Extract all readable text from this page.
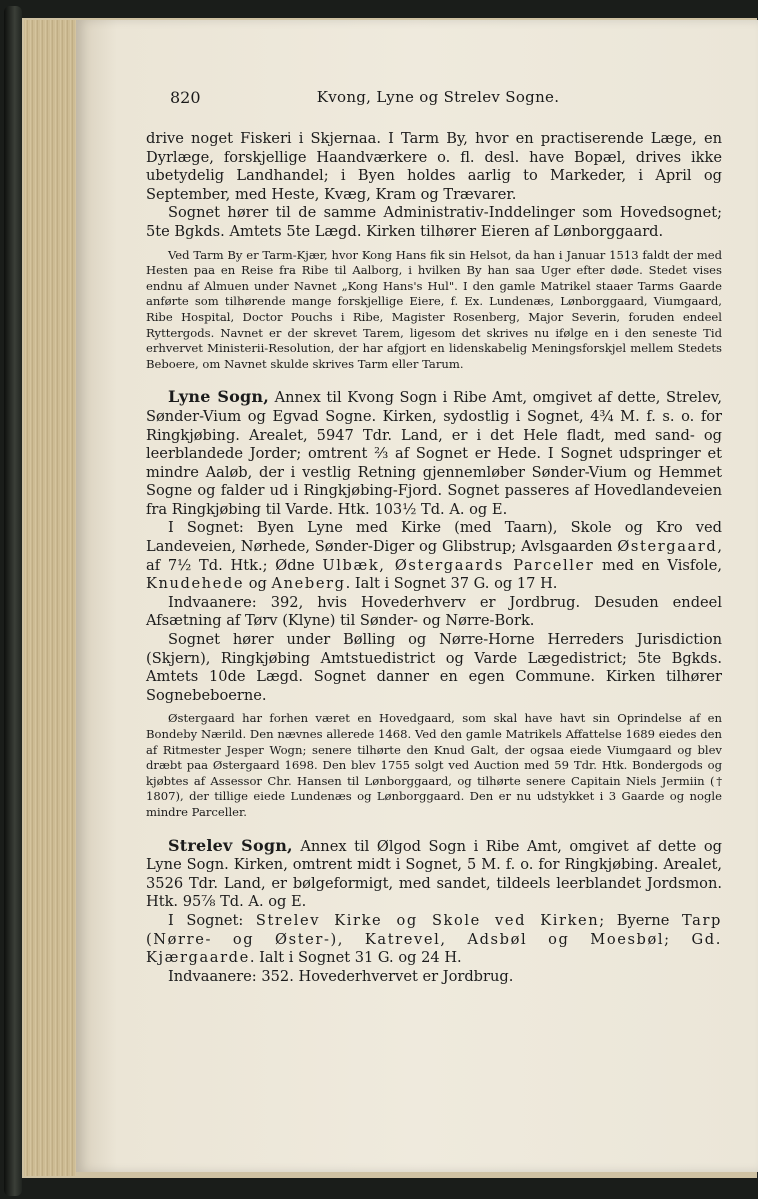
820	Kvong, Lyne og Strelev Sogne.

drive noget Fiskeri i Skjernaa. I Tarm By, hvor en practiserende Læge, en Dyrlæge, forskjellige Haandværkere o. fl. desl. have Bopæl, drives ikke ubetydelig Landhandel; i Byen holdes aarlig to Markeder, i April og September, med Heste, Kvæg, Kram og Trævarer.

Sognet hører til de samme Administrativ-Inddelinger som Hovedsognet; 5te Bgkds. Amtets 5te Lægd. Kirken tilhører Eieren af Lønborggaard.

Ved Tarm By er Tarm-Kjær, hvor Kong Hans fik sin Helsot, da han i Januar 1513 faldt der med Hesten paa en Reise fra Ribe til Aalborg, i hvilken By han saa Uger efter døde. Stedet vises endnu af Almuen under Navnet „Kong Hans's Hul". I den gamle Matrikel staaer Tarms Gaarde anførte som tilhørende mange forskjellige Eiere, f. Ex. Lundenæs, Lønborggaard, Viumgaard, Ribe Hospital, Doctor Pouchs i Ribe, Magister Rosenberg, Major Severin, foruden endeel Ryttergods. Navnet er der skrevet Tarem, ligesom det skrives nu ifølge en i den seneste Tid erhvervet Ministerii-Resolution, der har afgjort en lidenskabelig Meningsforskjel mellem Stedets Beboere, om Navnet skulde skrives Tarm eller Tarum.

Lyne Sogn, Annex til Kvong Sogn i Ribe Amt, omgivet af dette, Strelev, Sønder-Vium og Egvad Sogne. Kirken, sydostlig i Sognet, 4¾ M. f. s. o. for Ringkjøbing. Arealet, 5947 Tdr. Land, er i det Hele fladt, med sand- og leerblandede Jorder; omtrent ⅔ af Sognet er Hede. I Sognet udspringer et mindre Aaløb, der i vestlig Retning gjennemløber Sønder-Vium og Hemmet Sogne og falder ud i Ringkjøbing-Fjord. Sognet passeres af Hovedlandeveien fra Ringkjøbing til Varde. Htk. 103½ Td. A. og E.

I Sognet: Byen Lyne med Kirke (med Taarn), Skole og Kro ved Landeveien, Nørhede, Sønder-Diger og Glibstrup; Avlsgaarden Østergaard, af 7½ Td. Htk.; Ødne Ulbæk, Østergaards Parceller med en Visfole, Knudehede og Aneberg. Ialt i Sognet 37 G. og 17 H.

Indvaanere: 392, hvis Hovederhverv er Jordbrug. Desuden endeel Afsætning af Tørv (Klyne) til Sønder- og Nørre-Bork.

Sognet hører under Bølling og Nørre-Horne Herreders Jurisdiction (Skjern), Ringkjøbing Amtstuedistrict og Varde Lægedistrict; 5te Bgkds. Amtets 10de Lægd. Sognet danner en egen Commune. Kirken tilhører Sognebeboerne.

Østergaard har forhen været en Hovedgaard, som skal have havt sin Oprindelse af en Bondeby Nærild. Den nævnes allerede 1468. Ved den gamle Matrikels Affattelse 1689 eiedes den af Ritmester Jesper Wogn; senere tilhørte den Knud Galt, der ogsaa eiede Viumgaard og blev dræbt paa Østergaard 1698. Den blev 1755 solgt ved Auction med 59 Tdr. Htk. Bondergods og kjøbtes af Assessor Chr. Hansen til Lønborggaard, og tilhørte senere Capitain Niels Jermiin († 1807), der tillige eiede Lundenæs og Lønborggaard. Den er nu udstykket i 3 Gaarde og nogle mindre Parceller.

Strelev Sogn, Annex til Ølgod Sogn i Ribe Amt, omgivet af dette og Lyne Sogn. Kirken, omtrent midt i Sognet, 5 M. f. o. for Ringkjøbing. Arealet, 3526 Tdr. Land, er bølgeformigt, med sandet, tildeels leerblandet Jordsmon. Htk. 95⅞ Td. A. og E.

I Sognet: Strelev Kirke og Skole ved Kirken; Byerne Tarp (Nørre- og Øster-), Katrevel, Adsbøl og Moesbøl; Gd. Kjærgaarde. Ialt i Sognet 31 G. og 24 H.

Indvaanere: 352. Hovederhvervet er Jordbrug.
